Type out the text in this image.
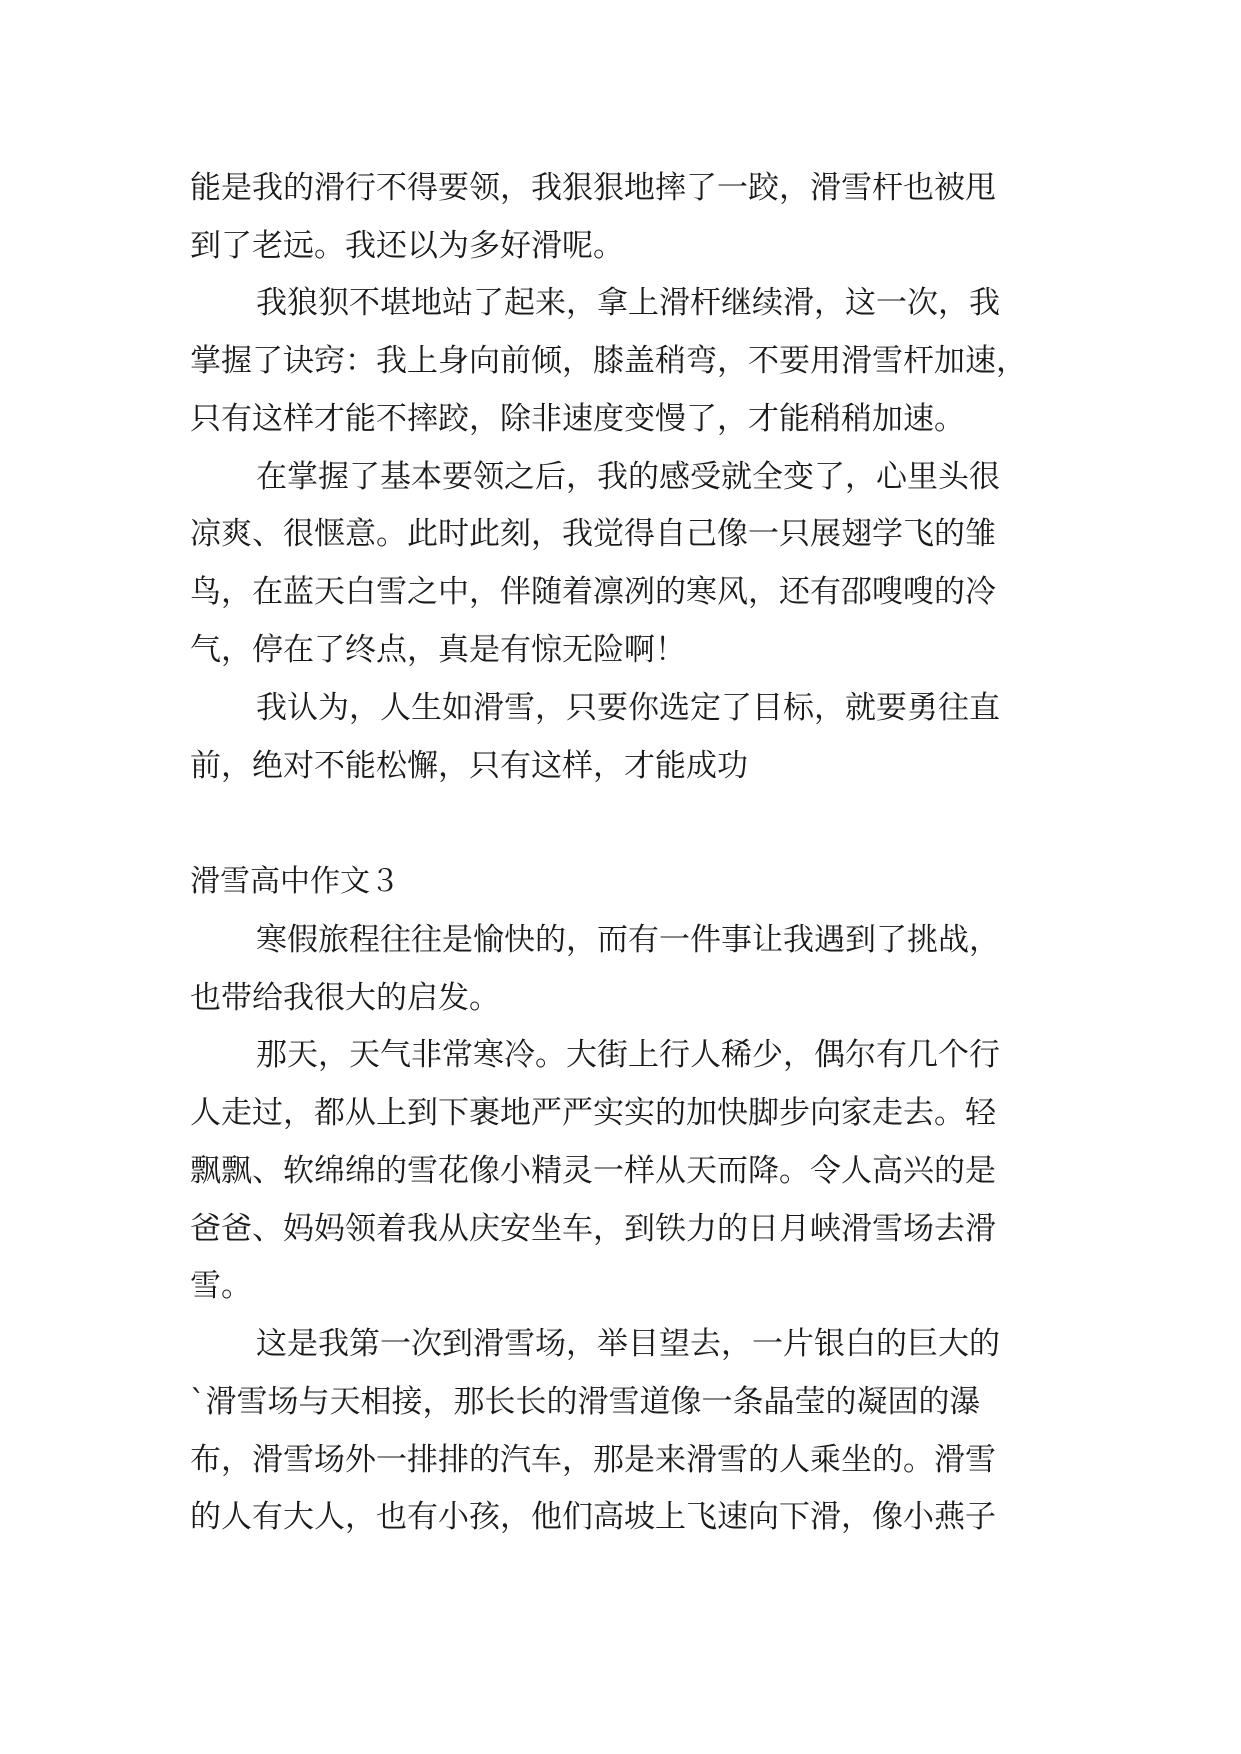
能是我的滑行不得要领，我狠狠地摔了一跤，滑雪杆也被甩
到了老远。我还以为多好滑呢。
我狼狈不堪地站了起来，拿上滑杆继续滑，这一次，我
掌握了诀窍：我上身向前倾，膝盖稍弯，不要用滑雪杆加速，
只有这样才能不摔跤，除非速度变慢了，才能稍稍加速。
在掌握了基本要领之后，我的感受就全变了，心里头很
凉爽、很惬意。此时此刻，我觉得自己像一只展翅学飞的雏
鸟，在蓝天白雪之中，伴随着凛冽的寒风，还有邵嗖嗖的冷
气，停在了终点，真是有惊无险啊！
我认为，人生如滑雪，只要你选定了目标，就要勇往直
前，绝对不能松懈，只有这样，才能成功
滑雪高中作文３
寒假旅程往往是愉快的，而有一件事让我遇到了挑战，
也带给我很大的启发。
那天，天气非常寒冷。大街上行人稀少，偶尔有几个行
人走过，都从上到下裹地严严实实的加快脚步向家走去。轻
飘飘、软绵绵的雪花像小精灵一样从天而降。令人高兴的是
爸爸、妈妈领着我从庆安坐车，到铁力的日月峡滑雪场去滑
雪。
这是我第一次到滑雪场，举目望去，一片银白的巨大的
`滑雪场与天相接，那长长的滑雪道像一条晶莹的凝固的瀑
布，滑雪场外一排排的汽车，那是来滑雪的人乘坐的。滑雪
的人有大人，也有小孩，他们高坡上飞速向下滑，像小燕子
